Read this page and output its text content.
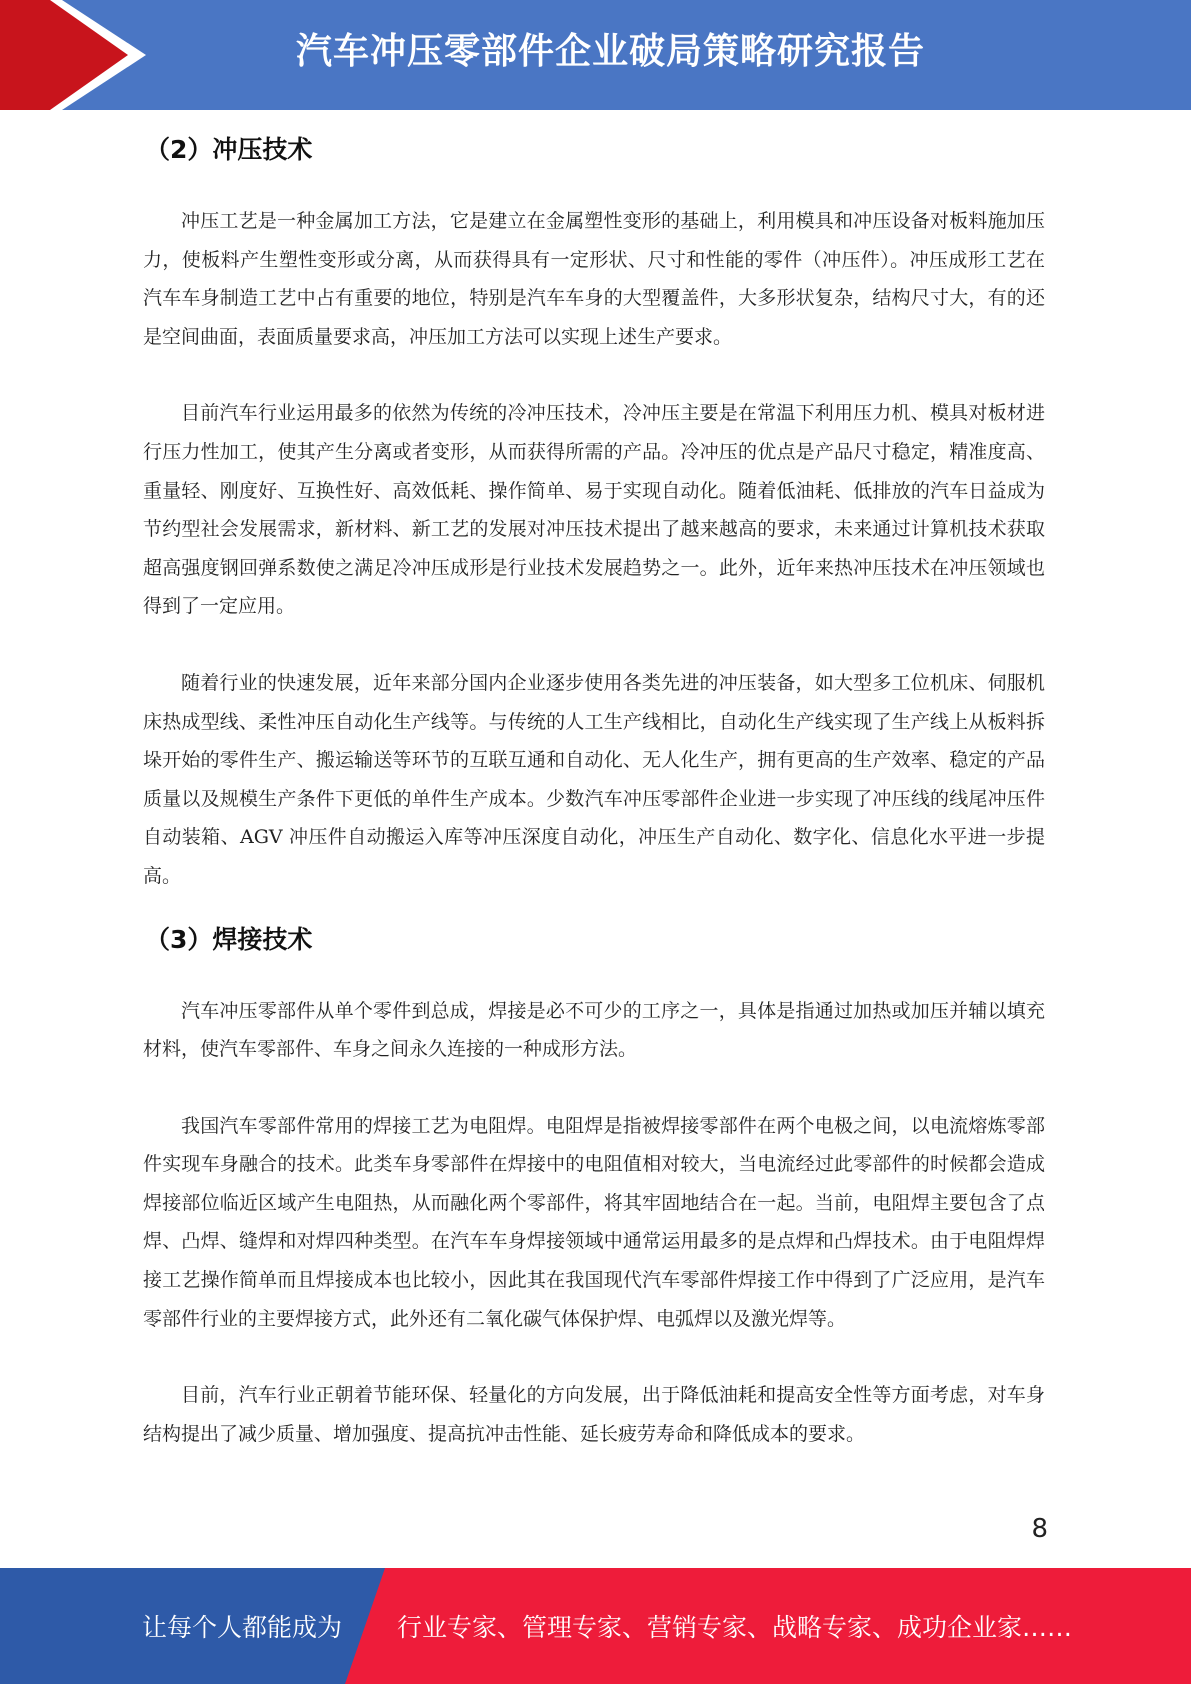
汽车冲压零部件企业破局策略研究报告
（2）冲压技术

冲压工艺是一种金属加工方法，它是建立在金属塑性变形的基础上，利用模具和冲压设备对板料施加压力，使板料产生塑性变形或分离，从而获得具有一定形状、尺寸和性能的零件（冲压件）。冲压成形工艺在汽车车身制造工艺中占有重要的地位，特别是汽车车身的大型覆盖件，大多形状复杂，结构尺寸大，有的还是空间曲面，表面质量要求高，冲压加工方法可以实现上述生产要求。

目前汽车行业运用最多的依然为传统的冷冲压技术，冷冲压主要是在常温下利用压力机、模具对板材进行压力性加工，使其产生分离或者变形，从而获得所需的产品。冷冲压的优点是产品尺寸稳定，精准度高、重量轻、刚度好、互换性好、高效低耗、操作简单、易于实现自动化。随着低油耗、低排放的汽车日益成为节约型社会发展需求，新材料、新工艺的发展对冲压技术提出了越来越高的要求，未来通过计算机技术获取超高强度钢回弹系数使之满足冷冲压成形是行业技术发展趋势之一。此外，近年来热冲压技术在冲压领域也得到了一定应用。

随着行业的快速发展，近年来部分国内企业逐步使用各类先进的冲压装备，如大型多工位机床、伺服机床热成型线、柔性冲压自动化生产线等。与传统的人工生产线相比，自动化生产线实现了生产线上从板料拆垛开始的零件生产、搬运输送等环节的互联互通和自动化、无人化生产，拥有更高的生产效率、稳定的产品质量以及规模生产条件下更低的单件生产成本。少数汽车冲压零部件企业进一步实现了冲压线的线尾冲压件自动装箱、AGV 冲压件自动搬运入库等冲压深度自动化，冲压生产自动化、数字化、信息化水平进一步提高。

（3）焊接技术

汽车冲压零部件从单个零件到总成，焊接是必不可少的工序之一，具体是指通过加热或加压并辅以填充材料，使汽车零部件、车身之间永久连接的一种成形方法。

我国汽车零部件常用的焊接工艺为电阻焊。电阻焊是指被焊接零部件在两个电极之间，以电流熔炼零部件实现车身融合的技术。此类车身零部件在焊接中的电阻值相对较大，当电流经过此零部件的时候都会造成焊接部位临近区域产生电阻热，从而融化两个零部件，将其牢固地结合在一起。当前，电阻焊主要包含了点焊、凸焊、缝焊和对焊四种类型。在汽车车身焊接领域中通常运用最多的是点焊和凸焊技术。由于电阻焊焊接工艺操作简单而且焊接成本也比较小，因此其在我国现代汽车零部件焊接工作中得到了广泛应用，是汽车零部件行业的主要焊接方式，此外还有二氧化碳气体保护焊、电弧焊以及激光焊等。

目前，汽车行业正朝着节能环保、轻量化的方向发展，出于降低油耗和提高安全性等方面考虑，对车身结构提出了减少质量、增加强度、提高抗冲击性能、延长疲劳寿命和降低成本的要求。

8
让每个人都能成为 行业专家、管理专家、营销专家、战略专家、成功企业家……
